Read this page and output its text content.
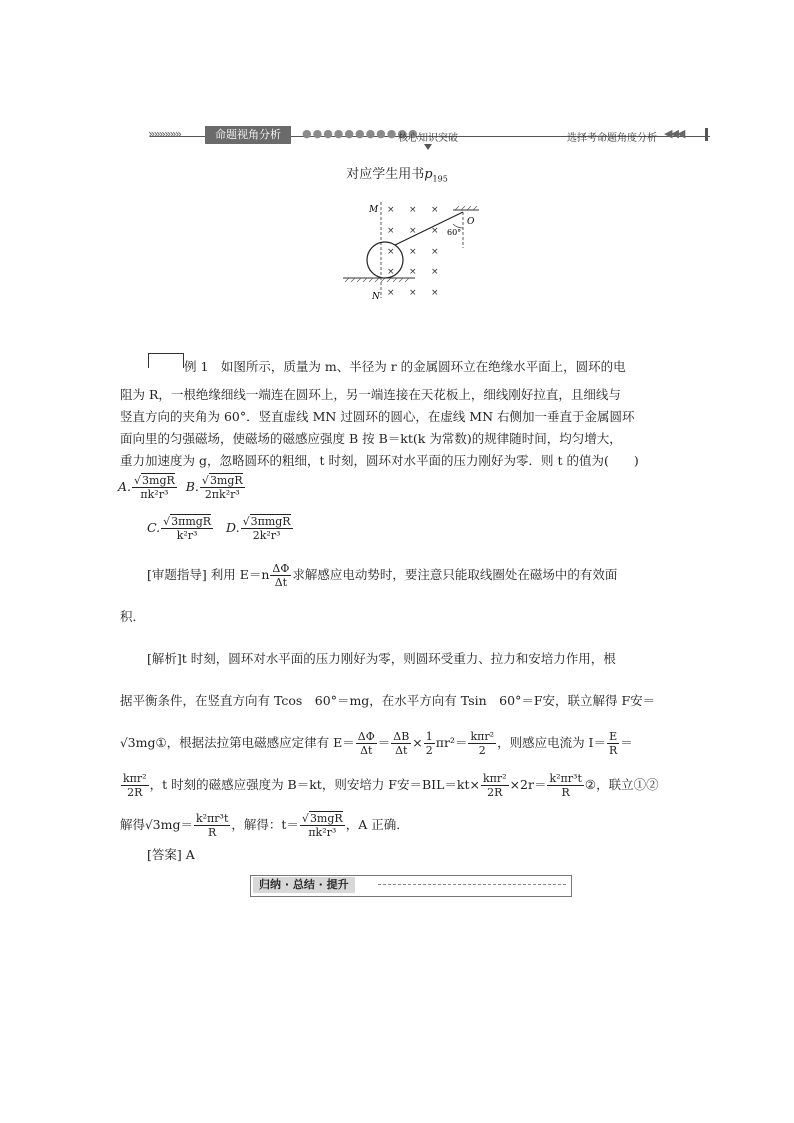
»»»»»»	命题视角分析	●●●●●●●●●●●
核心知识突破	选择考命题角度分析 ◀◀◀
对应学生用书$p_{195}$
M
N
60°
O
× × ×
× × ×
× × ×
× × ×
× × ×
例 1　如图所示，质量为 m、半径为 r 的金属圆环立在绝缘水平面上，圆环的电
阻为 R，一根绝缘细线一端连在圆环上，另一端连接在天花板上，细线刚好拉直，且细线与
竖直方向的夹角为 60°．竖直虚线 MN 过圆环的圆心，在虚线 MN 右侧加一垂直于金属圆环
面向里的匀强磁场，使磁场的磁感应强度 B 按 B＝kt(k 为常数)的规律随时间，均匀增大，
重力加速度为 g，忽略圆环的粗细，t 时刻，圆环对水平面的压力刚好为零．则 t 的值为(　　)
A. $\frac{\text{√3mgR}}{\text{πk²r³}} B$. $\frac{\text{√3mgR}}{\text{2πk²r³}}$
C. $\frac{\text{√3πmgR}}{\text{k²r³}} D$. $\frac{\text{√3πmgR}}{\text{2k²r³}}$
[审题指导] 利用 $E=n \frac{\Delta\Phi}{\Delta t}$ 求解感应电动势时，要注意只能取线圈处在磁场中的有效面
积．
[解析]t 时刻，圆环对水平面的压力刚好为零，则圆环受重力、拉力和安培力作用，根
据平衡条件，在竖直方向有 Tcos　60°＝mg，在水平方向有 Tsin　60°＝F安，联立解得 F安＝
√3mg①，根据法拉第电磁感应定律有 $E= \frac{\Delta\Phi}{\Delta t} = \frac{\Delta B}{\Delta t} \times \frac{1}{2} \pi r^2= \frac{\text{kπr²}}{2}$ ，则感应电流为 $I= \frac{E}{R}$ ＝
$\frac{\text{kπr²}}{2R}$ ，t 时刻的磁感应强度为 B＝kt，则安培力 F安$=BIL=kt\times \frac{\text{kπr²}}{2R} \times 2r= \frac{\text{k²πr³t}}{R}$ ②，联立①②
解得$√3mg= \frac{\text{k²πr³t}}{R}$ ，解得：$t= \frac{\text{√3mgR}}{\text{πk²r³}}$ ，A 正确．
[答案] A
归纳 · 总结 · 提升
